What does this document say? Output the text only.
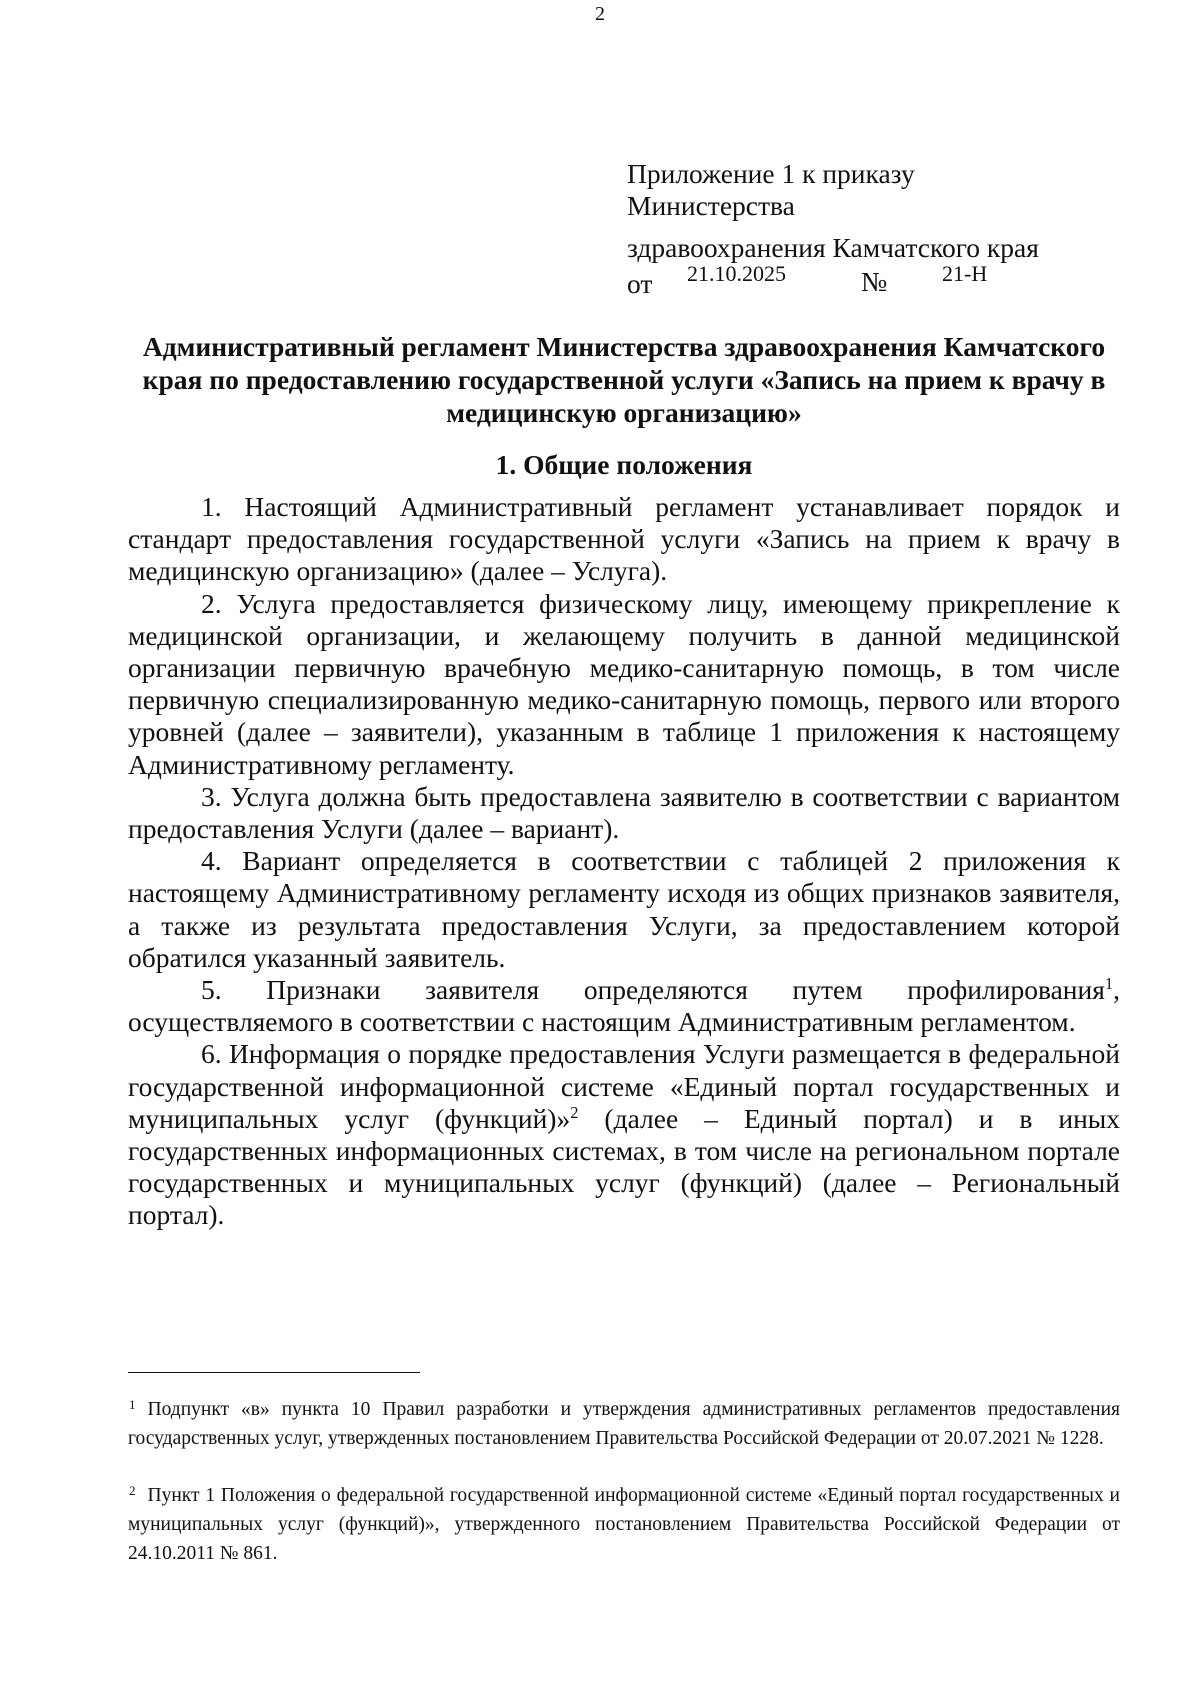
2
Приложение 1 к приказу
Министерства
здравоохранения Камчатского края
от 21.10.2025	№ 21-Н
Административный регламент Министерства здравоохранения Камчатского края по предоставлению государственной услуги «Запись на прием к врачу в медицинскую организацию»
1. Общие положения

1. Настоящий Административный регламент устанавливает порядок и стандарт предоставления государственной услуги «Запись на прием к врачу в медицинскую организацию» (далее – Услуга).

2. Услуга предоставляется физическому лицу, имеющему прикрепление к медицинской организации, и желающему получить в данной медицинской организации первичную врачебную медико-санитарную помощь, в том числе первичную специализированную медико-санитарную помощь, первого или второго уровней (далее – заявители), указанным в таблице 1 приложения к настоящему Административному регламенту.

3. Услуга должна быть предоставлена заявителю в соответствии с вариантом предоставления Услуги (далее – вариант).

4. Вариант определяется в соответствии с таблицей 2 приложения к настоящему Административному регламенту исходя из общих признаков заявителя, а также из результата предоставления Услуги, за предоставлением которой обратился указанный заявитель.

5. Признаки заявителя определяются путем профилирования$^1$, осуществляемого в соответствии с настоящим Административным регламентом.

6. Информация о порядке предоставления Услуги размещается в федеральной государственной информационной системе «Единый портал государственных и муниципальных услуг (функций)»$^2$ (далее – Единый портал) и в иных государственных информационных системах, в том числе на региональном портале государственных и муниципальных услуг (функций) (далее – Региональный портал).

$^1$ Подпункт «в» пункта 10 Правил разработки и утверждения административных регламентов предоставления государственных услуг, утвержденных постановлением Правительства Российской Федерации от 20.07.2021 № 1228.

$^2$ Пункт 1 Положения о федеральной государственной информационной системе «Единый портал государственных и муниципальных услуг (функций)», утвержденного постановлением Правительства Российской Федерации от 24.10.2011 № 861.
